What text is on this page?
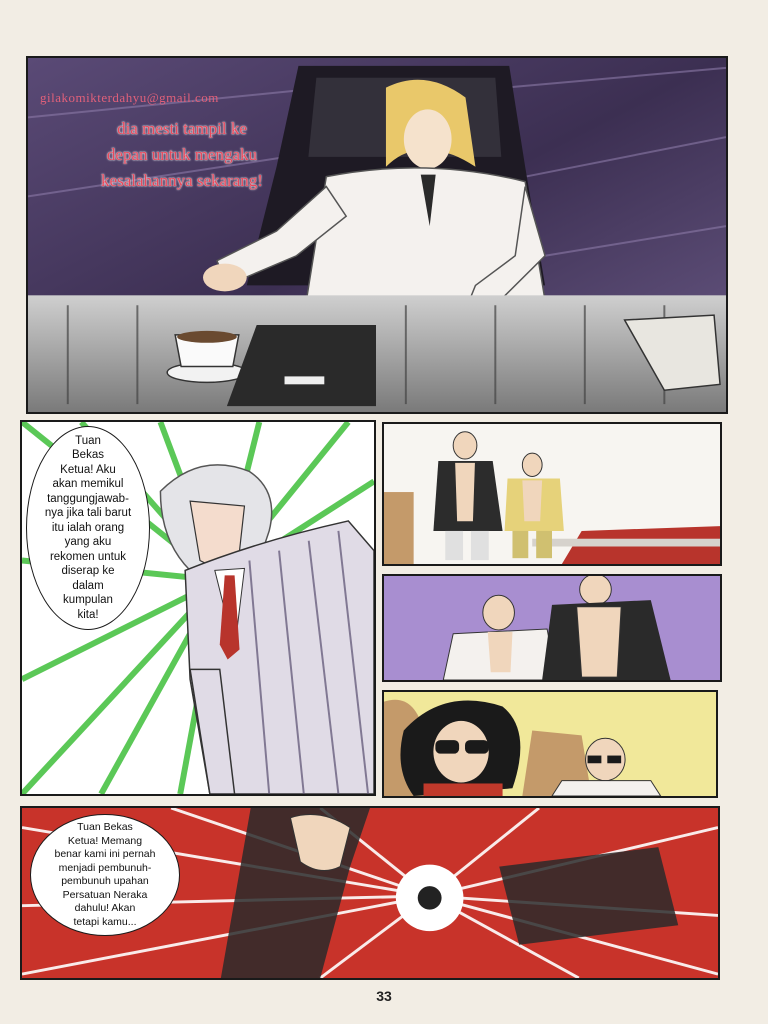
gilakomikterdahyu@gmail.com
dia mesti tampil ke
depan untuk mengaku
kesalahannya sekarang!
Tuan
Bekas
Ketua! Aku
akan memikul
tanggungjawab-
nya jika tali barut
itu ialah orang
yang aku
rekomen untuk
diserap ke
dalam
kumpulan
kita!
Tuan Bekas
Ketua! Memang
benar kami ini pernah
menjadi pembunuh-
pembunuh upahan
Persatuan Neraka
dahulu! Akan
tetapi kamu...
33
